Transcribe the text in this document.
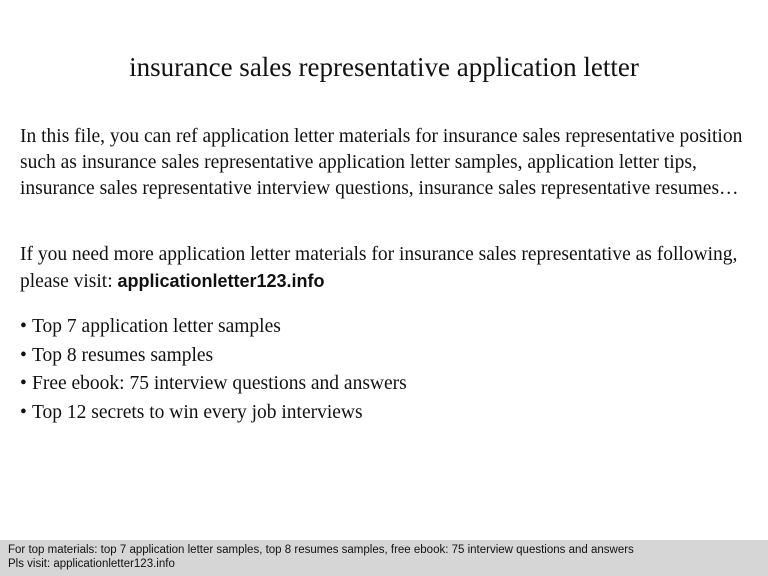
insurance sales representative application letter

In this file, you can ref application letter materials for insurance sales representative position such as insurance sales representative application letter samples, application letter tips, insurance sales representative interview questions, insurance sales representative resumes…

If you need more application letter materials for insurance sales representative as following, please visit: applicationletter123.info

• Top 7 application letter samples
• Top 8 resumes samples
• Free ebook: 75 interview questions and answers
• Top 12 secrets to win every job interviews
For top materials: top 7 application letter samples, top 8 resumes samples, free ebook: 75 interview questions and answers
Pls visit: applicationletter123.info
